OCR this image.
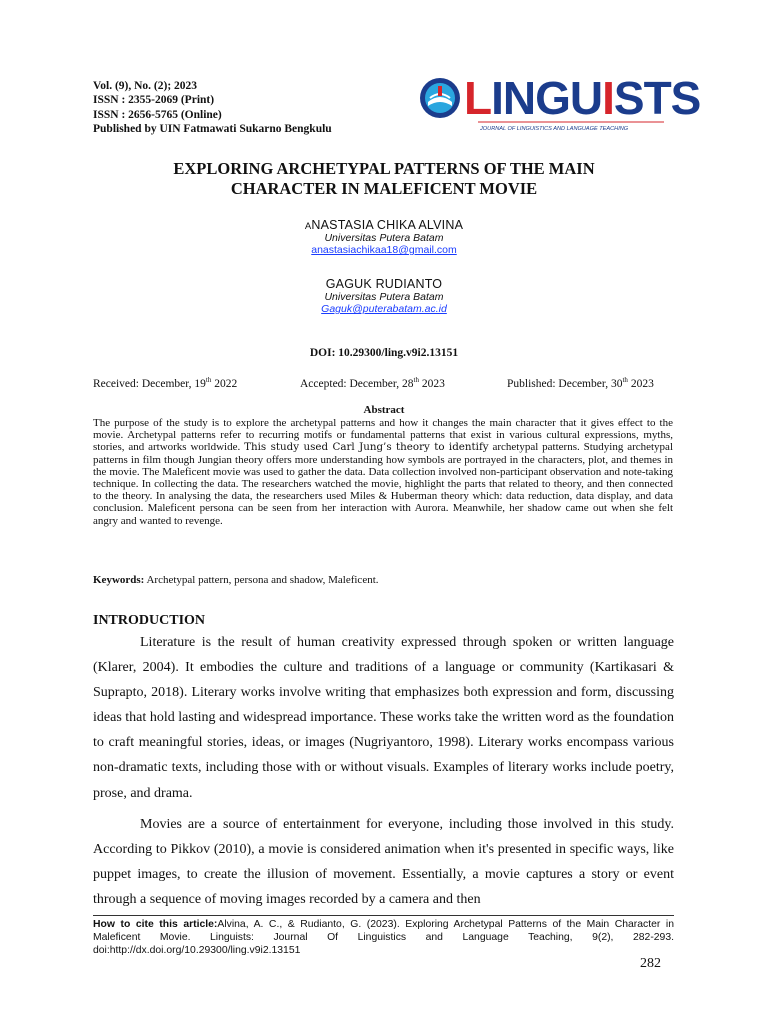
Vol. (9), No. (2); 2023
ISSN : 2355-2069 (Print)
ISSN : 2656-5765 (Online)
Published by UIN Fatmawati Sukarno Bengkulu
LINGUISTS
JOURNAL OF LINGUISTICS AND LANGUAGE TEACHING
EXPLORING ARCHETYPAL PATTERNS OF THE MAIN
CHARACTER IN MALEFICENT MOVIE
ANASTASIA CHIKA ALVINA
Universitas Putera Batam
anastasiachikaa18@gmail.com
GAGUK RUDIANTO
Universitas Putera Batam
Gaguk@puterabatam.ac.id
DOI: 10.29300/ling.v9i2.13151
Received: December, 19th 2022	Accepted: December, 28th 2023	Published: December, 30th 2023
Abstract
The purpose of the study is to explore the archetypal patterns and how it changes the main character that it gives effect to the movie. Archetypal patterns refer to recurring motifs or fundamental patterns that exist in various cultural expressions, myths, stories, and artworks worldwide. This study used Carl Jung’s theory to identify archetypal patterns. Studying archetypal patterns in film though Jungian theory offers more understanding how symbols are portrayed in the characters, plot, and themes in the movie. The Maleficent movie was used to gather the data. Data collection involved non-participant observation and note-taking technique. In collecting the data. The researchers watched the movie, highlight the parts that related to theory, and then connected to the theory. In analysing the data, the researchers used Miles & Huberman theory which: data reduction, data display, and data conclusion. Maleficent persona can be seen from her interaction with Aurora. Meanwhile, her shadow came out when she felt angry and wanted to revenge.
Keywords: Archetypal pattern, persona and shadow, Maleficent.
INTRODUCTION
Literature is the result of human creativity expressed through spoken or written language (Klarer, 2004). It embodies the culture and traditions of a language or community (Kartikasari & Suprapto, 2018). Literary works involve writing that emphasizes both expression and form, discussing ideas that hold lasting and widespread importance. These works take the written word as the foundation to craft meaningful stories, ideas, or images (Nugriyantoro, 1998). Literary works encompass various non-dramatic texts, including those with or without visuals. Examples of literary works include poetry, prose, and drama.
Movies are a source of entertainment for everyone, including those involved in this study. According to Pikkov (2010), a movie is considered animation when it's presented in specific ways, like puppet images, to create the illusion of movement. Essentially, a movie captures a story or event through a sequence of moving images recorded by a camera and then
How to cite this article:Alvina, A. C., & Rudianto, G. (2023). Exploring Archetypal Patterns of the Main Character in Maleficent Movie. Linguists: Journal Of Linguistics and Language Teaching, 9(2), 282-293. doi:http://dx.doi.org/10.29300/ling.v9i2.13151
282
